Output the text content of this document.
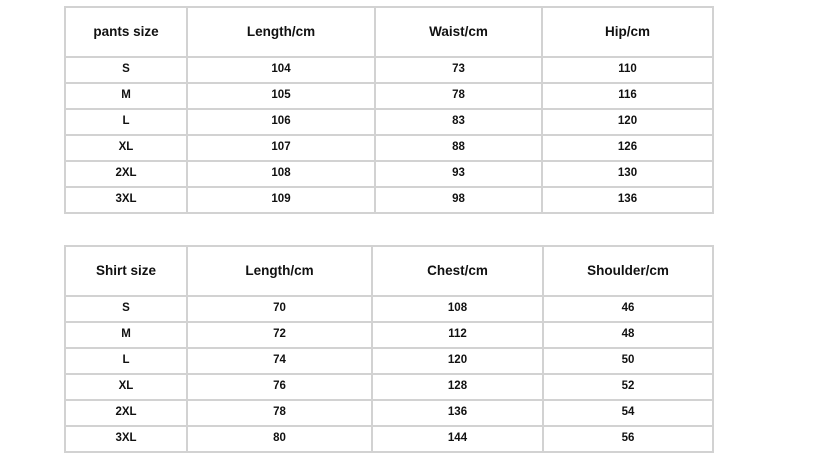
pants size	Length/cm	Waist/cm	Hip/cm
S	104	73	110
M	105	78	116
L	106	83	120
XL	107	88	126
2XL	108	93	130
3XL	109	98	136
Shirt size	Length/cm	Chest/cm	Shoulder/cm
S	70	108	46
M	72	112	48
L	74	120	50
XL	76	128	52
2XL	78	136	54
3XL	80	144	56
